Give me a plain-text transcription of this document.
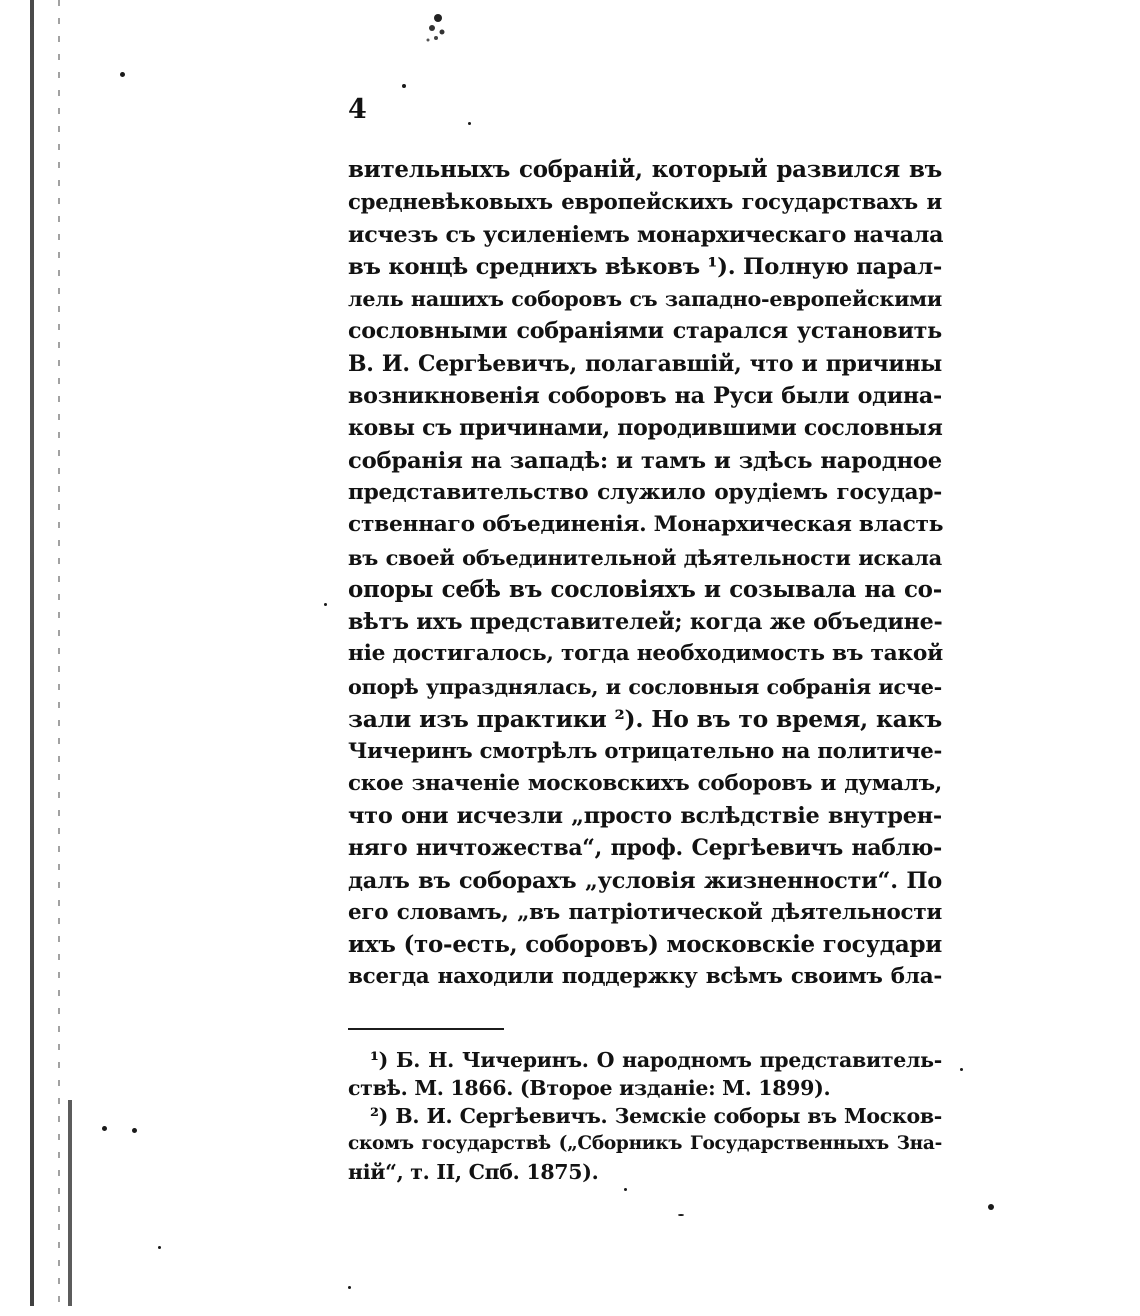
4
вительныхъ собраній, который развился въ
средневѣковыхъ европейскихъ государствахъ и
исчезъ съ усиленіемъ монархическаго начала
въ концѣ среднихъ вѣковъ ¹). Полную парал-
лель нашихъ соборовъ съ западно-европейскими
сословными собраніями старался установить
В. И. Сергѣевичъ, полагавшій, что и причины
возникновенія соборовъ на Руси были одина-
ковы съ причинами, породившими сословныя
собранія на западѣ: и тамъ и здѣсь народное
представительство служило орудіемъ государ-
ственнаго объединенія. Монархическая власть
въ своей объединительной дѣятельности искала
опоры себѣ въ сословіяхъ и созывала на со-
вѣтъ ихъ представителей; когда же объедине-
ніе достигалось, тогда необходимость въ такой
опорѣ упразднялась, и сословныя собранія исче-
зали изъ практики ²). Но въ то время, какъ
Чичеринъ смотрѣлъ отрицательно на политиче-
ское значеніе московскихъ соборовъ и думалъ,
что они исчезли „просто вслѣдствіе внутрен-
няго ничтожества“, проф. Сергѣевичъ наблю-
далъ въ соборахъ „условія жизненности“. По
его словамъ, „въ патріотической дѣятельности
ихъ (то-есть, соборовъ) московскіе государи
всегда находили поддержку всѣмъ своимъ бла-
¹) Б. Н. Чичеринъ. О народномъ представитель-
ствѣ. М. 1866. (Второе изданіе: М. 1899).
²) В. И. Сергѣевичъ. Земскіе соборы въ Москов-
скомъ государствѣ („Сборникъ Государственныхъ Зна-
ній“, т. II, Спб. 1875).
